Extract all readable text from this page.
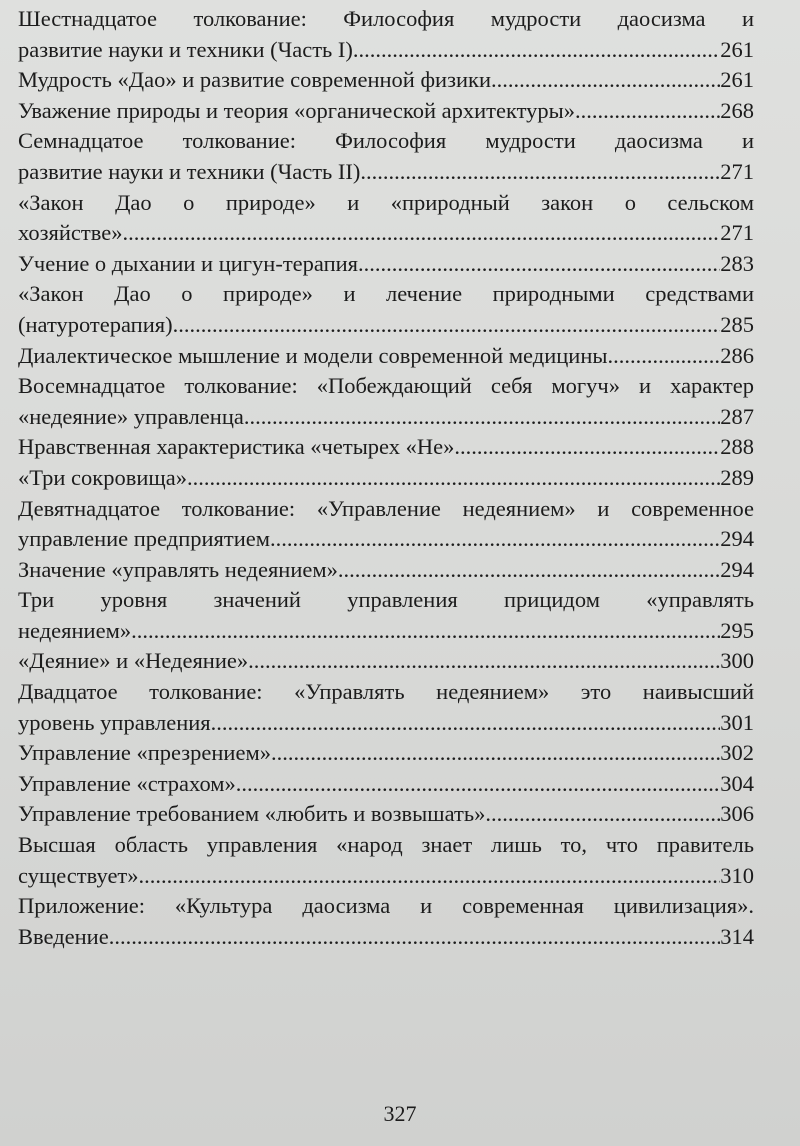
Шестнадцатое толкование: Философия мудрости даосизма и
развитие науки и техники (Часть I) .....	261
Мудрость «Дао» и развитие современной физики .....	261
Уважение природы и теория «органической архитектуры» .....	268
Семнадцатое толкование: Философия мудрости даосизма и
развитие науки и техники (Часть II) .....	271
«Закон Дао о природе» и «природный закон о сельском
хозяйстве» .....	271
Учение о дыхании и цигун-терапия .....	283
«Закон Дао о природе» и лечение природными средствами
(натуротерапия) .....	285
Диалектическое мышление и модели современной медицины .....	286
Восемнадцатое толкование: «Побеждающий себя могуч» и характер
«недеяние» управленца .....	287
Нравственная характеристика «четырех «Не» .....	288
«Три сокровища» .....	289
Девятнадцатое толкование: «Управление недеянием» и современное
управление предприятием .....	294
Значение «управлять недеянием» .....	294
Три уровня значений управления прицидом «управлять
недеянием» .....	295
«Деяние» и «Недеяние» .....	300
Двадцатое толкование: «Управлять недеянием» это наивысший
уровень управления .....	301
Управление «презрением» .....	302
Управление «страхом» .....	304
Управление требованием «любить и возвышать» .....	306
Высшая область управления «народ знает лишь то, что правитель
существует» .....	310
Приложение: «Культура даосизма и современная цивилизация».
Введение .....	314
327
